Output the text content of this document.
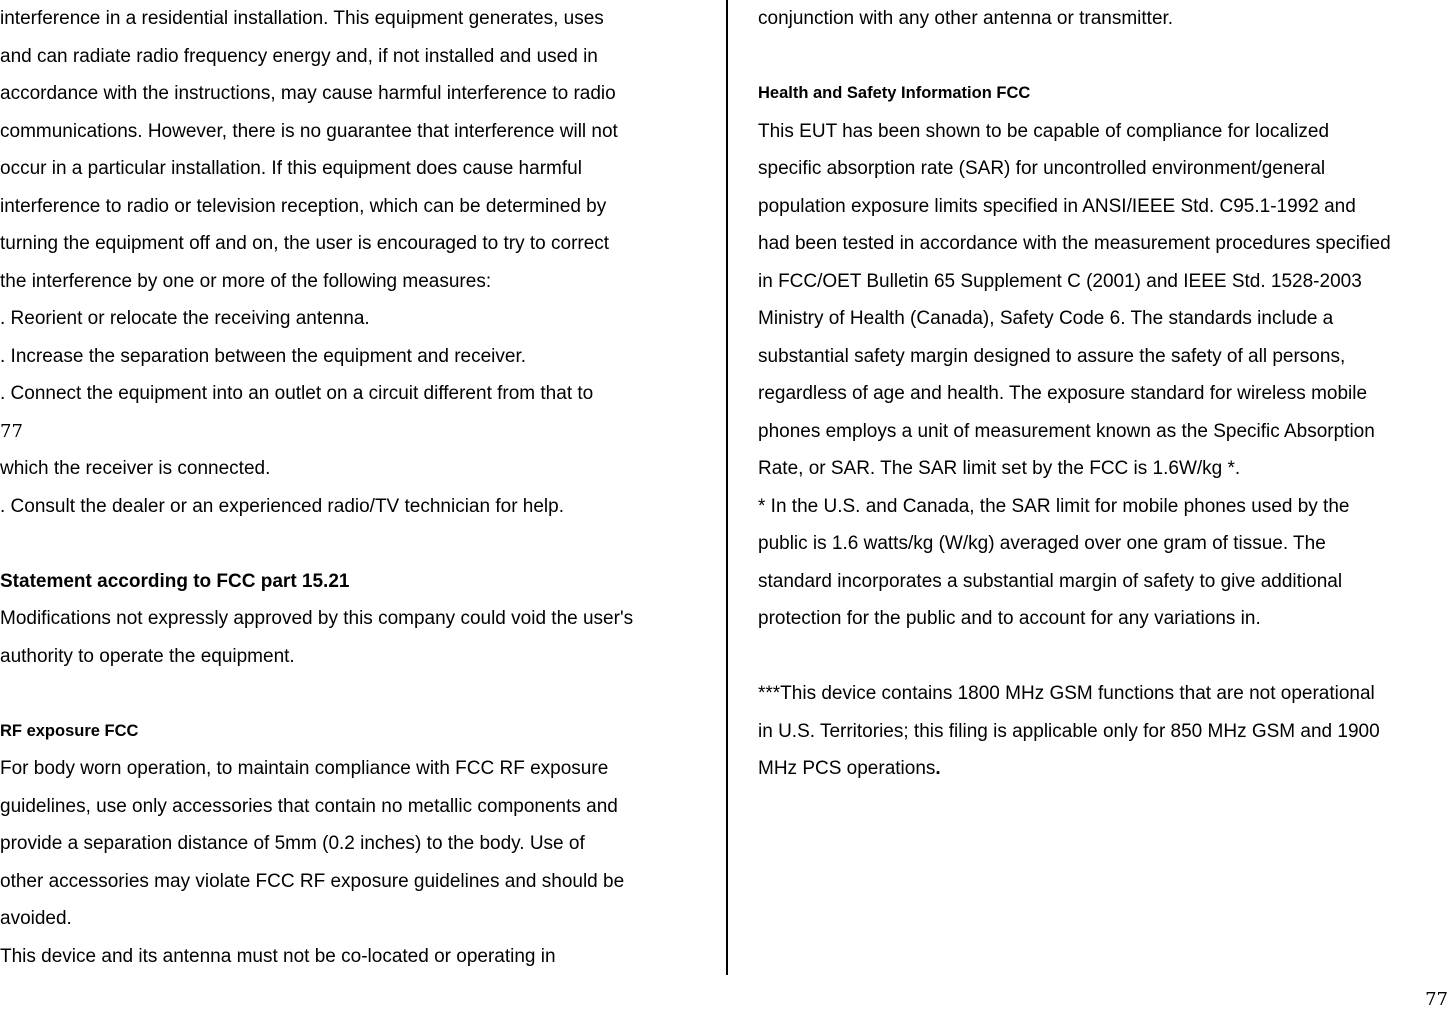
interference in a residential installation. This equipment generates, uses
and can radiate radio frequency energy and, if not installed and used in
accordance with the instructions, may cause harmful interference to radio
communications. However, there is no guarantee that interference will not
occur in a particular installation. If this equipment does cause harmful
interference to radio or television reception, which can be determined by
turning the equipment off and on, the user is encouraged to try to correct
the interference by one or more of the following measures:
. Reorient or relocate the receiving antenna.
. Increase the separation between the equipment and receiver.
. Connect the equipment into an outlet on a circuit different from that to
77
which the receiver is connected.
. Consult the dealer or an experienced radio/TV technician for help.
Statement according to FCC part 15.21
Modifications not expressly approved by this company could void the user's
authority to operate the equipment.
RF exposure FCC
For body worn operation, to maintain compliance with FCC RF exposure
guidelines, use only accessories that contain no metallic components and
provide a separation distance of 5mm (0.2 inches) to the body. Use of
other accessories may violate FCC RF exposure guidelines and should be
avoided.
This device and its antenna must not be co-located or operating in
conjunction with any other antenna or transmitter.
Health and Safety Information FCC
This EUT has been shown to be capable of compliance for localized
specific absorption rate (SAR) for uncontrolled environment/general
population exposure limits specified in ANSI/IEEE Std. C95.1-1992 and
had been tested in accordance with the measurement procedures specified
in FCC/OET Bulletin 65 Supplement C (2001) and IEEE Std. 1528-2003
Ministry of Health (Canada), Safety Code 6. The standards include a
substantial safety margin designed to assure the safety of all persons,
regardless of age and health. The exposure standard for wireless mobile
phones employs a unit of measurement known as the Specific Absorption
Rate, or SAR. The SAR limit set by the FCC is 1.6W/kg *.
* In the U.S. and Canada, the SAR limit for mobile phones used by the
public is 1.6 watts/kg (W/kg) averaged over one gram of tissue. The
standard incorporates a substantial margin of safety to give additional
protection for the public and to account for any variations in.
***This device contains 1800 MHz GSM functions that are not operational
in U.S. Territories; this filing is applicable only for 850 MHz GSM and 1900
MHz PCS operations.
77
